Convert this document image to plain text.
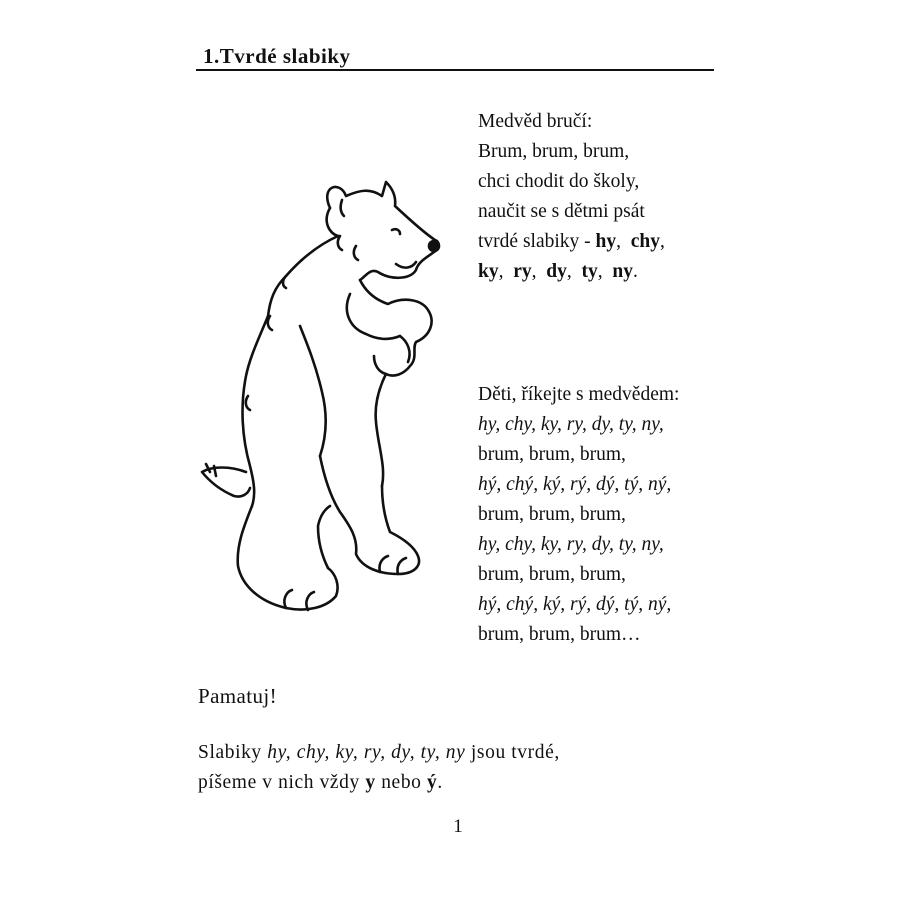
1.Tvrdé slabiky
Medvěd bručí:
Brum, brum, brum,
chci chodit do školy,
naučit se s dětmi psát
tvrdé slabiky - hy,  chy,
ky,  ry,  dy,  ty,  ny.
Děti, říkejte s medvědem:
hy, chy, ky, ry, dy, ty, ny,
brum, brum, brum,
hý, chý, ký, rý, dý, tý, ný,
brum, brum, brum,
hy, chy, ky, ry, dy, ty, ny,
brum, brum, brum,
hý, chý, ký, rý, dý, tý, ný,
brum, brum, brum…
Pamatuj!
Slabiky hy, chy, ky, ry, dy, ty, ny jsou tvrdé,
píšeme v nich vždy y nebo ý.
1
